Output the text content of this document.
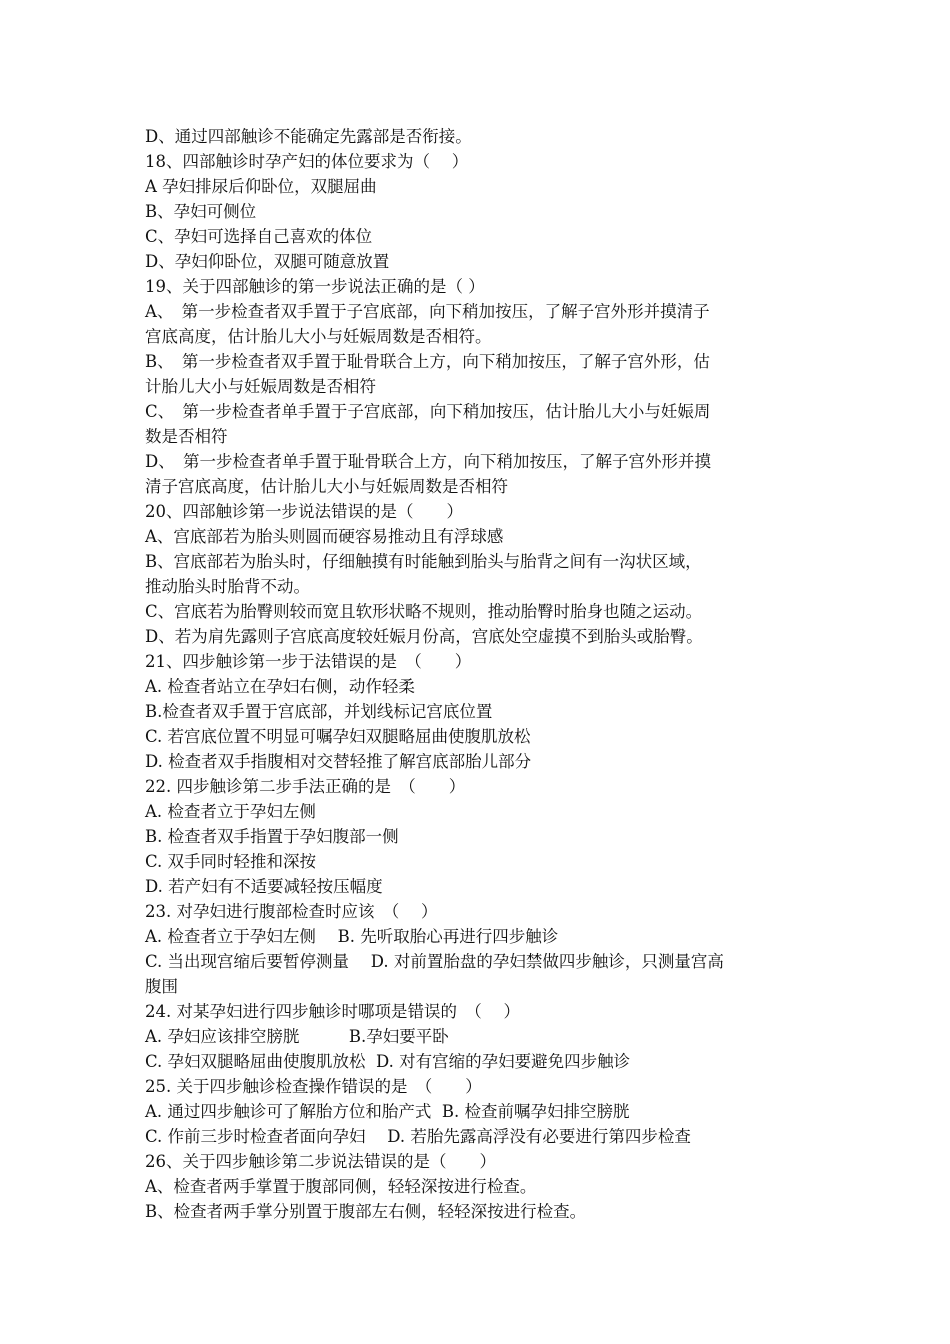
D、通过四部触诊不能确定先露部是否衔接。

18、四部触诊时孕产妇的体位要求为（　 ）

A 孕妇排尿后仰卧位，双腿屈曲

B、孕妇可侧位

C、孕妇可选择自己喜欢的体位

D、孕妇仰卧位，双腿可随意放置

19、关于四部触诊的第一步说法正确的是（ ）

A、　第一步检查者双手置于子宫底部，向下稍加按压，了解子宫外形并摸清子

宫底高度，估计胎儿大小与妊娠周数是否相符。

B、　第一步检查者双手置于耻骨联合上方，向下稍加按压，了解子宫外形，估

计胎儿大小与妊娠周数是否相符

C、　第一步检查者单手置于子宫底部，向下稍加按压，估计胎儿大小与妊娠周

数是否相符

D、　第一步检查者单手置于耻骨联合上方，向下稍加按压，了解子宫外形并摸

清子宫底高度，估计胎儿大小与妊娠周数是否相符

20、四部触诊第一步说法错误的是（　　）

A、宫底部若为胎头则圆而硬容易推动且有浮球感

B、宫底部若为胎头时，仔细触摸有时能触到胎头与胎背之间有一沟状区域，

推动胎头时胎背不动。

C、宫底若为胎臀则较而宽且软形状略不规则，推动胎臀时胎身也随之运动。

D、若为肩先露则子宫底高度较妊娠月份高，宫底处空虚摸不到胎头或胎臀。

21、四步触诊第一步于法错误的是　（　　）

A. 检查者站立在孕妇右侧，动作轻柔

B.检查者双手置于宫底部，并划线标记宫底位置

C. 若宫底位置不明显可嘱孕妇双腿略屈曲使腹肌放松

D. 检查者双手指腹相对交替轻推了解宫底部胎儿部分

22. 四步触诊第二步手法正确的是　（　　）

A. 检查者立于孕妇左侧

B. 检查者双手指置于孕妇腹部一侧

C. 双手同时轻推和深按

D. 若产妇有不适要减轻按压幅度

23. 对孕妇进行腹部检查时应该　（　 ）

A. 检查者立于孕妇左侧　 B. 先听取胎心再进行四步触诊

C. 当出现宫缩后要暂停测量　 D. 对前置胎盘的孕妇禁做四步触诊，只测量宫高

腹围

24. 对某孕妇进行四步触诊时哪项是错误的　（　 ）

A. 孕妇应该排空膀胱　　　B.孕妇要平卧

C. 孕妇双腿略屈曲使腹肌放松  D. 对有宫缩的孕妇要避免四步触诊

25. 关于四步触诊检查操作错误的是　（　　）

A. 通过四步触诊可了解胎方位和胎产式  B. 检查前嘱孕妇排空膀胱

C. 作前三步时检查者面向孕妇　 D. 若胎先露高浮没有必要进行第四步检查

26、关于四步触诊第二步说法错误的是（　　）

A、检查者两手掌置于腹部同侧，轻轻深按进行检查。

B、检查者两手掌分别置于腹部左右侧，轻轻深按进行检查。
